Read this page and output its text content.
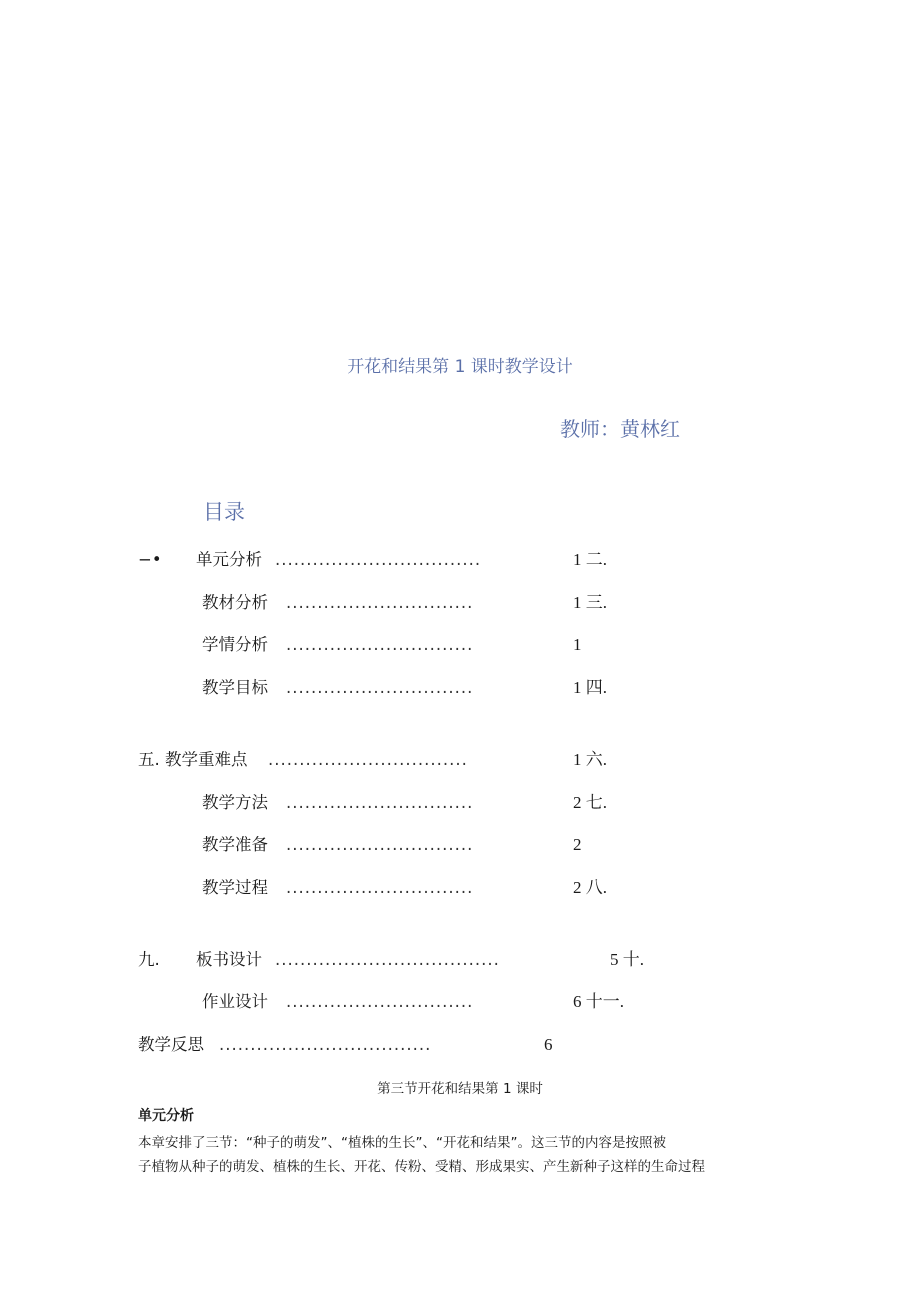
开花和结果第 1 课时教学设计
教师：黄林红
目录
−• 单元分析 .................................	1 二.
教材分析 ..............................	1 三.
学情分析 ..............................	1
教学目标 ..............................	1 四.
五. 教学重难点 ................................	1 六.
教学方法 ..............................	2 七.
教学准备 ..............................	2
教学过程 ..............................	2 八.
九. 板书设计 ....................................	5 十.
作业设计 ..............................	6 十一.
教学反思 ..................................	6
第三节开花和结果第 1 课时
单元分析
本章安排了三节：“种子的萌发”、“植株的生长”、“开花和结果”。这三节的内容是按照被
子植物从种子的萌发、植株的生长、开花、传粉、受精、形成果实、产生新种子这样的生命过程
